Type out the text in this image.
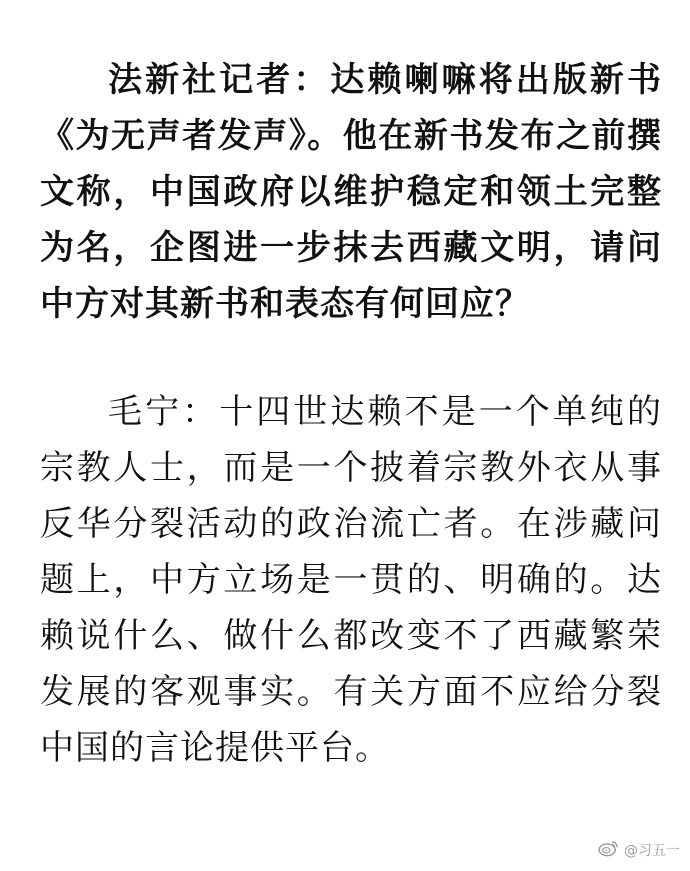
法新社记者：达赖喇嘛将出版新书《为无声者发声》。他在新书发布之前撰文称，中国政府以维护稳定和领土完整为名，企图进一步抹去西藏文明，请问中方对其新书和表态有何回应？

毛宁：十四世达赖不是一个单纯的宗教人士，而是一个披着宗教外衣从事反华分裂活动的政治流亡者。在涉藏问题上，中方立场是一贯的、明确的。达赖说什么、做什么都改变不了西藏繁荣发展的客观事实。有关方面不应给分裂中国的言论提供平台。

@习五一
